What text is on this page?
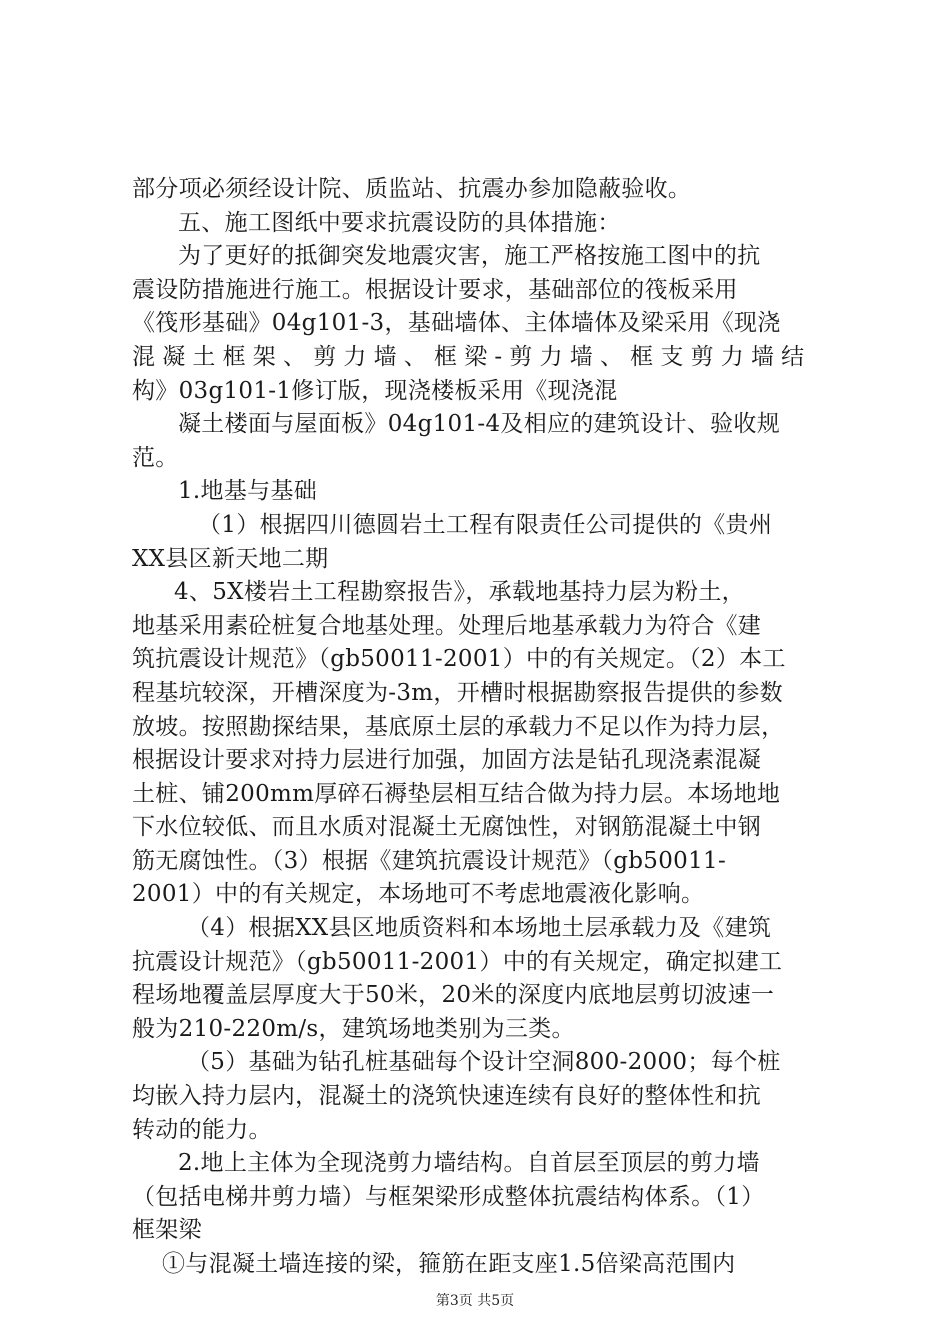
部分项必须经设计院、质监站、抗震办参加隐蔽验收。
五、施工图纸中要求抗震设防的具体措施：
为了更好的抵御突发地震灾害，施工严格按施工图中的抗
震设防措施进行施工。根据设计要求，基础部位的筏板采用
《筏形基础》04g101-3，基础墙体、主体墙体及梁采用《现浇
混凝土框架、剪力墙、框梁-剪力墙、框支剪力墙结
构》03g101-1修订版，现浇楼板采用《现浇混
凝土楼面与屋面板》04g101-4及相应的建筑设计、验收规
范。
1.地基与基础
（1）根据四川德圆岩土工程有限责任公司提供的《贵州
XX县区新天地二期
4、5X楼岩土工程勘察报告》，承载地基持力层为粉土，
地基采用素砼桩复合地基处理。处理后地基承载力为符合《建
筑抗震设计规范》（gb50011-2001）中的有关规定。（2）本工
程基坑较深，开槽深度为-3m，开槽时根据勘察报告提供的参数
放坡。按照勘探结果，基底原土层的承载力不足以作为持力层，
根据设计要求对持力层进行加强，加固方法是钻孔现浇素混凝
土桩、铺200mm厚碎石褥垫层相互结合做为持力层。本场地地
下水位较低、而且水质对混凝土无腐蚀性，对钢筋混凝土中钢
筋无腐蚀性。（3）根据《建筑抗震设计规范》（gb50011-
2001）中的有关规定，本场地可不考虑地震液化影响。
（4）根据XX县区地质资料和本场地土层承载力及《建筑
抗震设计规范》（gb50011-2001）中的有关规定，确定拟建工
程场地覆盖层厚度大于50米，20米的深度内底地层剪切波速一
般为210-220m/s，建筑场地类别为三类。
（5）基础为钻孔桩基础每个设计空洞800-2000；每个桩
均嵌入持力层内，混凝土的浇筑快速连续有良好的整体性和抗
转动的能力。
2.地上主体为全现浇剪力墙结构。自首层至顶层的剪力墙
（包括电梯井剪力墙）与框架梁形成整体抗震结构体系。（1）
框架梁
①与混凝土墙连接的梁，箍筋在距支座1.5倍梁高范围内
第3页 共5页
